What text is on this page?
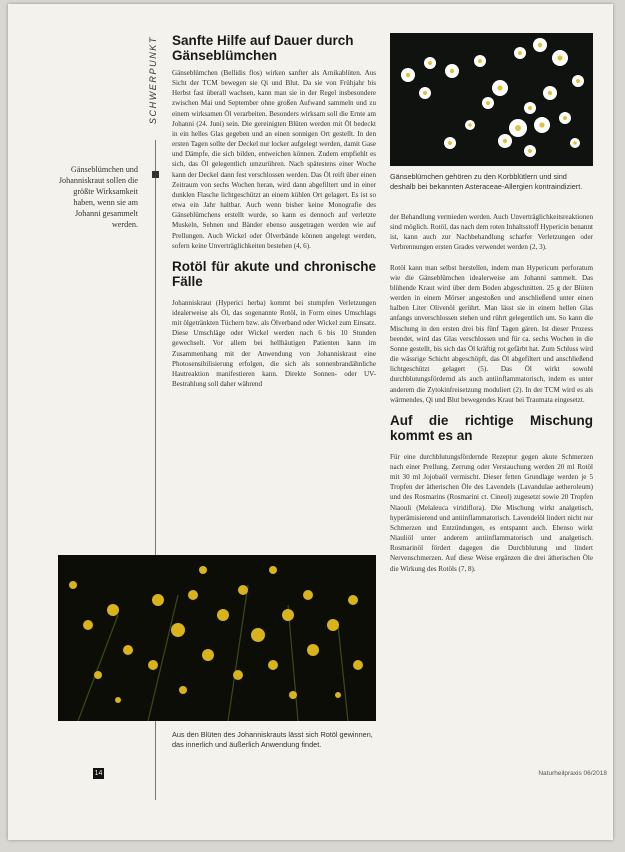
SCHWERPUNKT
Gänseblümchen und Johanniskraut sollen die größte Wirksamkeit haben, wenn sie am Johanni gesammelt werden.
Sanfte Hilfe auf Dauer durch Gänseblümchen

Gänseblümchen (Bellidis flos) wirken sanfter als Arnikablüten. Aus Sicht der TCM bewegen sie Qi und Blut. Da sie von Frühjahr bis Herbst fast überall wachsen, kann man sie in der Regel insbesondere zwischen Mai und September ohne großen Aufwand sammeln und zu einem wirksamen Öl verarbeiten. Besonders wirksam soll die Ernte am Johanni (24. Juni) sein. Die gereinigten Blüten werden mit Öl bedeckt in ein helles Glas gegeben und an einen sonnigen Ort gestellt. In den ersten Tagen sollte der Deckel nur locker aufgelegt werden, damit Gase und Dämpfe, die sich bilden, entweichen können. Zudem empfiehlt es sich, das Öl gelegentlich umzurühren. Nach spätestens einer Woche kann der Deckel dann fest verschlossen werden. Das Öl reift über einen Zeitraum von sechs Wochen heran, wird dann abgefiltert und in einer dunklen Flasche lichtgeschützt an einem kühlen Ort gelagert. Es ist so etwa ein Jahr haltbar. Auch wenn bisher keine Monografie des Gänseblümchens erstellt wurde, so kann es dennoch auf verletzte Muskeln, Sehnen und Bänder ebenso ausgetragen werden wie auf Prellungen. Auch Wickel oder Ölverbände können angelegt werden, sofern keine Unverträglichkeiten bestehen (4, 6).

Rotöl für akute und chronische Fälle

Johanniskraut (Hyperici herba) kommt bei stumpfen Verletzungen idealerweise als Öl, das sogenannte Rotöl, in Form eines Umschlags mit ölgetränkten Tüchern bzw. als Ölverband oder Wickel zum Einsatz. Diese Umschläge oder Wickel werden nach 6 bis 10 Stunden gewechselt. Vor allem bei hellhäutigen Patienten kann im Zusammenhang mit der Anwendung von Johanniskraut eine Photosensibilisierung erfolgen, die sich als sonnenbrandähnliche Hautreaktion manifestieren kann. Direkte Sonnen- oder UV-Bestrahlung soll daher während

Gänseblümchen gehören zu den Korbblütlern und sind deshalb bei bekannten Asteraceae-Allergien kontraindiziert.

der Behandlung vermieden werden. Auch Unverträglichkeitsreaktionen sind möglich. Rotöl, das nach dem roten Inhaltsstoff Hypericin benannt ist, kann auch zur Nachbehandlung scharfer Verletzungen oder Verbrennungen ersten Grades verwendet werden (2, 3).

Rotöl kann man selbst herstellen, indem man Hypericum perforatum wie die Gänseblümchen idealerweise am Johanni sammelt. Das blühende Kraut wird über dem Boden abgeschnitten. 25 g der Blüten werden in einem Mörser angestoßen und anschließend unter einen halben Liter Olivenöl gerührt. Man lässt sie in einem hellen Glas anfangs unverschlossen stehen und rührt gelegentlich um. So kann die Mischung in den ersten drei bis fünf Tagen gären. Ist dieser Prozess beendet, wird das Glas verschlossen und für ca. sechs Wochen in die Sonne gestellt, bis sich das Öl kräftig rot gefärbt hat. Zum Schluss wird die wässrige Schicht abgeschöpft, das Öl abgefiltert und anschließend lichtgeschützt gelagert (5). Das Öl wirkt sowohl durchblutungsfördernd als auch antiinflammatorisch, indem es unter anderem die Zytokinfreisetzung moduliert (2). In der TCM wird es als wärmendes, Qi und Blut bewegendes Kraut bei Traumata eingesetzt.

Auf die richtige Mischung kommt es an

Für eine durchblutungsfördernde Rezeptur gegen akute Schmerzen nach einer Prellung, Zerrung oder Verstauchung werden 20 ml Rotöl mit 30 ml Jojobaöl vermischt. Dieser fetten Grundlage werden je 5 Tropfen der ätherischen Öle des Lavendels (Lavandulae aetheroleum) und des Rosmarins (Rosmarini ct. Cineol) zugesetzt sowie 20 Tropfen Niaouli (Melaleuca viridiflora). Die Mischung wirkt analgetisch, hyperämisierend und antiinflammatorisch. Lavendelöl lindert nicht nur Schmerzen und Entzündungen, es entspannt auch. Ebenso wirkt Niauliöl unter anderem antiinflammatorisch und analgetisch. Rosmarinöl fördert dagegen die Durchblutung und lindert Nervenschmerzen. Auf diese Weise ergänzen die drei ätherischen Öle die Wirkung des Rotöls (7, 8).

Aus den Blüten des Johanniskrauts lässt sich Rotöl gewinnen, das innerlich und äußerlich Anwendung findet.
14	Naturheilpraxis 06/2018
